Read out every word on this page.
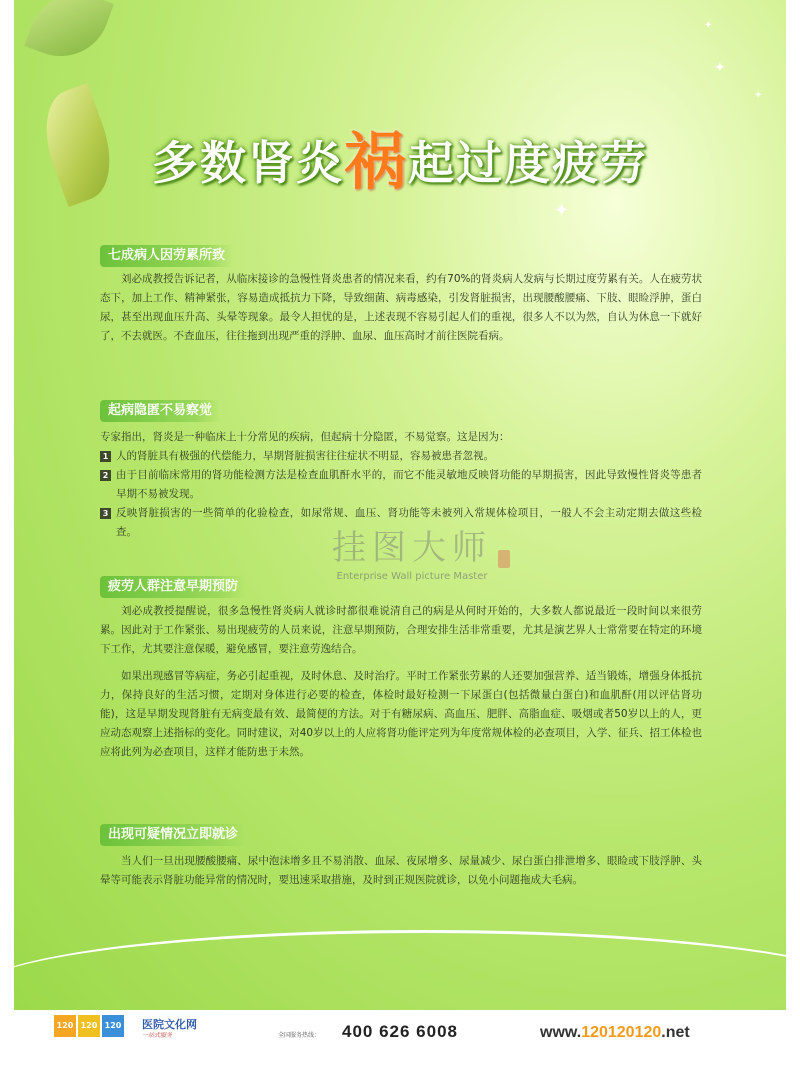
✦
✦
✦
✦
多数肾炎祸起过度疲劳
七成病人因劳累所致
刘必成教授告诉记者，从临床接诊的急慢性肾炎患者的情况来看，约有70%的肾炎病人发病与长期过度劳累有关。人在疲劳状态下，加上工作、精神紧张，容易造成抵抗力下降，导致细菌、病毒感染，引发肾脏损害，出现腰酸腰痛、下肢、眼睑浮肿，蛋白尿，甚至出现血压升高、头晕等现象。最令人担忧的是，上述表现不容易引起人们的重视，很多人不以为然，自认为休息一下就好了，不去就医。不查血压，往往拖到出现严重的浮肿、血尿、血压高时才前往医院看病。
起病隐匿不易察觉
专家指出，肾炎是一种临床上十分常见的疾病，但起病十分隐匿，不易觉察。这是因为：
1 人的肾脏具有极强的代偿能力，早期肾脏损害往往症状不明显，容易被患者忽视。
2 由于目前临床常用的肾功能检测方法是检查血肌酐水平的，而它不能灵敏地反映肾功能的早期损害，因此导致慢性肾炎等患者早期不易被发现。
3 反映肾脏损害的一些简单的化验检查，如尿常规、血压、肾功能等未被列入常规体检项目，一般人不会主动定期去做这些检查。
疲劳人群注意早期预防
刘必成教授提醒说，很多急慢性肾炎病人就诊时都很难说清自己的病是从何时开始的，大多数人都说最近一段时间以来很劳累。因此对于工作紧张、易出现疲劳的人员来说，注意早期预防，合理安排生活非常重要，尤其是演艺界人士常常要在特定的环境下工作，尤其要注意保暖，避免感冒，要注意劳逸结合。
如果出现感冒等病症，务必引起重视，及时休息、及时治疗。平时工作紧张劳累的人还要加强营养、适当锻炼，增强身体抵抗力，保持良好的生活习惯，定期对身体进行必要的检查，体检时最好检测一下尿蛋白(包括微量白蛋白)和血肌酐(用以评估肾功能)，这是早期发现肾脏有无病变最有效、最简便的方法。对于有糖尿病、高血压、肥胖、高脂血症、吸烟或者50岁以上的人，更应动态观察上述指标的变化。同时建议，对40岁以上的人应将肾功能评定列为年度常规体检的必查项目，入学、征兵、招工体检也应将此列为必查项目，这样才能防患于未然。
出现可疑情况立即就诊
当人们一旦出现腰酸腰痛、尿中泡沫增多且不易消散、血尿、夜尿增多、尿量减少、尿白蛋白排泄增多、眼睑或下肢浮肿、头晕等可能表示肾脏功能异常的情况时，要迅速采取措施，及时到正规医院就诊，以免小问题拖成大毛病。
挂图大师
Enterprise Wall picture Master
120 120 120 医院文化网
一站式服务	全国服务热线： 400 626 6008	www.120120120.net
